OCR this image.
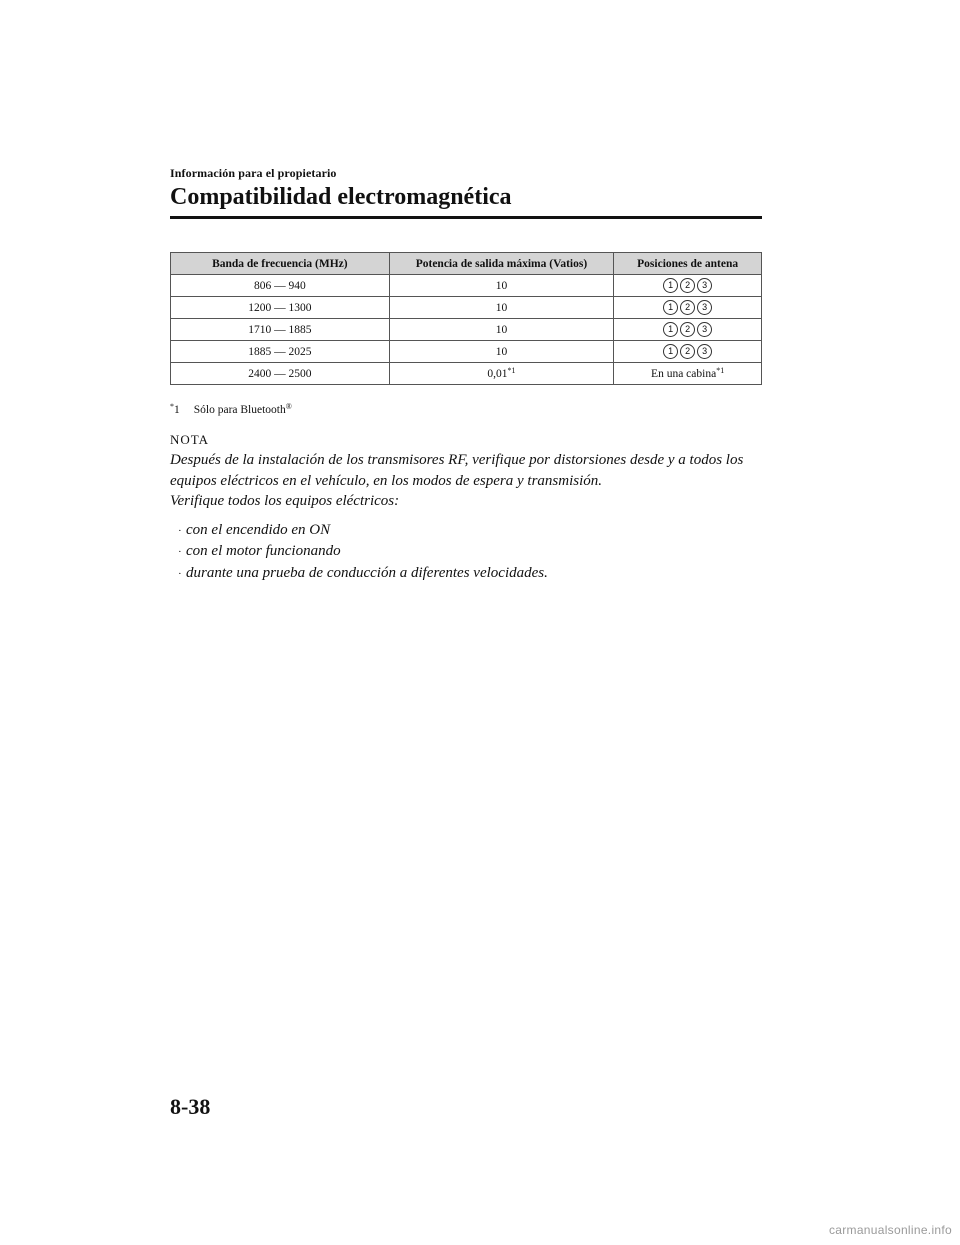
Información para el propietario
Compatibilidad electromagnética
Banda de frecuencia (MHz)	Potencia de salida máxima (Vatios)	Posiciones de antena
806 ― 940	10	1 2 3

1200 ― 1300	10	1 2 3

1710 ― 1885	10	1 2 3

1885 ― 2025	10	1 2 3

2400 ― 2500	0,01$^{*1}$	En una cabina$^{*1}$
*1 Sólo para Bluetooth®
NOTA

Después de la instalación de los transmisores RF, verifique por distorsiones desde y a todos los equipos eléctricos en el vehículo, en los modos de espera y transmisión.

Verifique todos los equipos eléctricos:

· con el encendido en ON
· con el motor funcionando
· durante una prueba de conducción a diferentes velocidades.
8-38
carmanualsonline.info
